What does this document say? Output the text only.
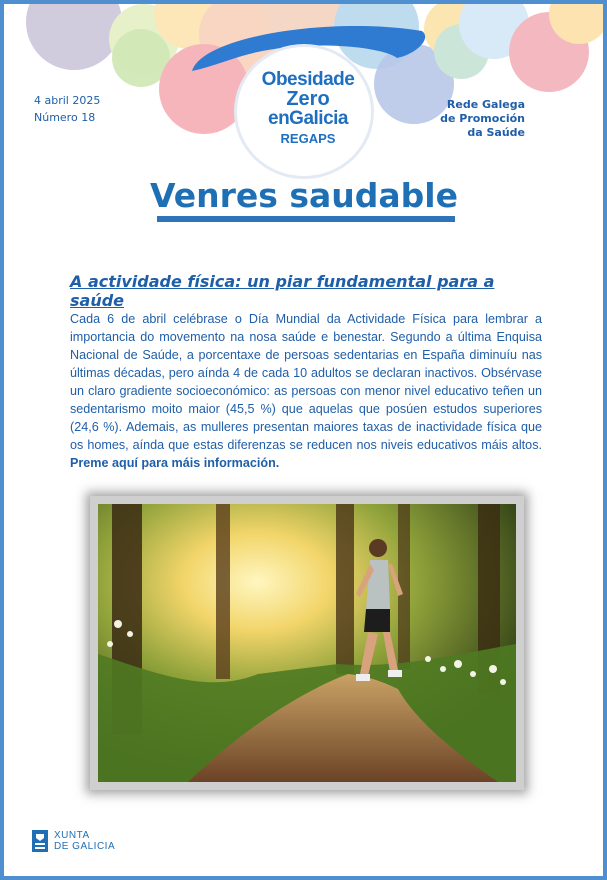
Obesidade
Zero
enGalicia
REGAPS
4 abril 2025
Número 18
Rede Galega
de Promoción
da Saúde
Venres saudable
A actividade física: un piar fundamental para a saúde

Cada 6 de abril celébrase o Día Mundial da Actividade Física para lembrar a importancia do movemento na nosa saúde e benestar. Segundo a última Enquisa Nacional de Saúde, a porcentaxe de persoas sedentarias en España diminuíu nas últimas décadas, pero aínda 4 de cada 10 adultos se declaran inactivos. Obsérvase un claro gradiente socioeconómico: as persoas con menor nivel educativo teñen un sedentarismo moito maior (45,5 %) que aquelas que posúen estudos superiores (24,6 %). Ademais, as mulleres presentan maiores taxas de inactividade física que os homes, aínda que estas diferenzas se reducen nos niveis educativos máis altos. Preme aquí para máis información.

XUNTA
DE GALICIA
